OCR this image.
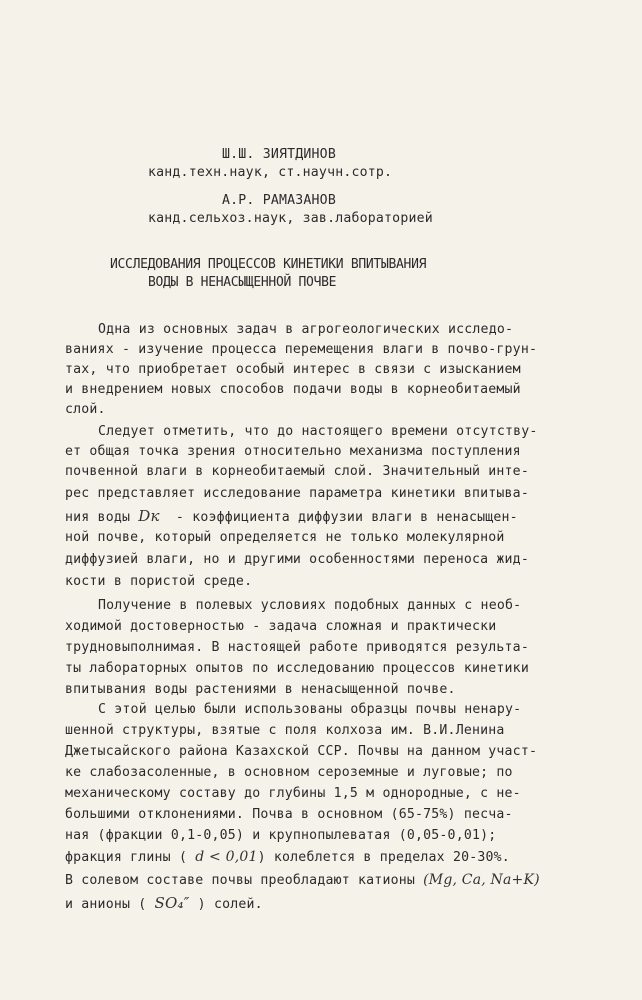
Ш.Ш. ЗИЯТДИНОВ
канд.техн.наук, ст.научн.сотр.
А.Р. РАМАЗАНОВ
канд.сельхоз.наук, зав.лабораторией
ИССЛЕДОВАНИЯ ПРОЦЕССОВ КИНЕТИКИ ВПИТЫВАНИЯ
ВОДЫ В НЕНАСЫЩЕННОЙ ПОЧВЕ
Одна из основных задач в агрогеологических исследо-
ваниях - изучение процесса перемещения влаги в почво-грун-
тах, что приобретает особый интерес в связи с изысканием
и внедрением новых способов подачи воды в корнеобитаемый
слой.
Следует отметить, что до настоящего времени отсутству-
ет общая точка зрения относительно механизма поступления
почвенной влаги в корнеобитаемый слой. Значительный инте-
рес представляет исследование параметра кинетики впитыва-
ния воды Dк  - коэффициента диффузии влаги в ненасыщен-
ной почве, который определяется не только молекулярной
диффузией влаги, но и другими особенностями переноса жид-
кости в пористой среде.
Получение в полевых условиях подобных данных с необ-
ходимой достоверностью - задача сложная и практически
трудновыполнимая. В настоящей работе приводятся результа-
ты лабораторных опытов по исследованию процессов кинетики
впитывания воды растениями в ненасыщенной почве.
С этой целью были использованы образцы почвы ненару-
шенной структуры, взятые с поля колхоза им. В.И.Ленина
Джетысайского района Казахской ССР. Почвы на данном участ-
ке слабозасоленные, в основном сероземные и луговые; по
механическому составу до глубины 1,5 м однородные, с не-
большими отклонениями. Почва в основном (65-75%) песча-
ная (фракции 0,1-0,05) и крупнопылеватая (0,05-0,01);
фракция глины ( d < 0,01) колеблется в пределах 20-30%.
В солевом составе почвы преобладают катионы (Mg, Ca, Na+K)
и анионы ( SO₄″ ) солей.
